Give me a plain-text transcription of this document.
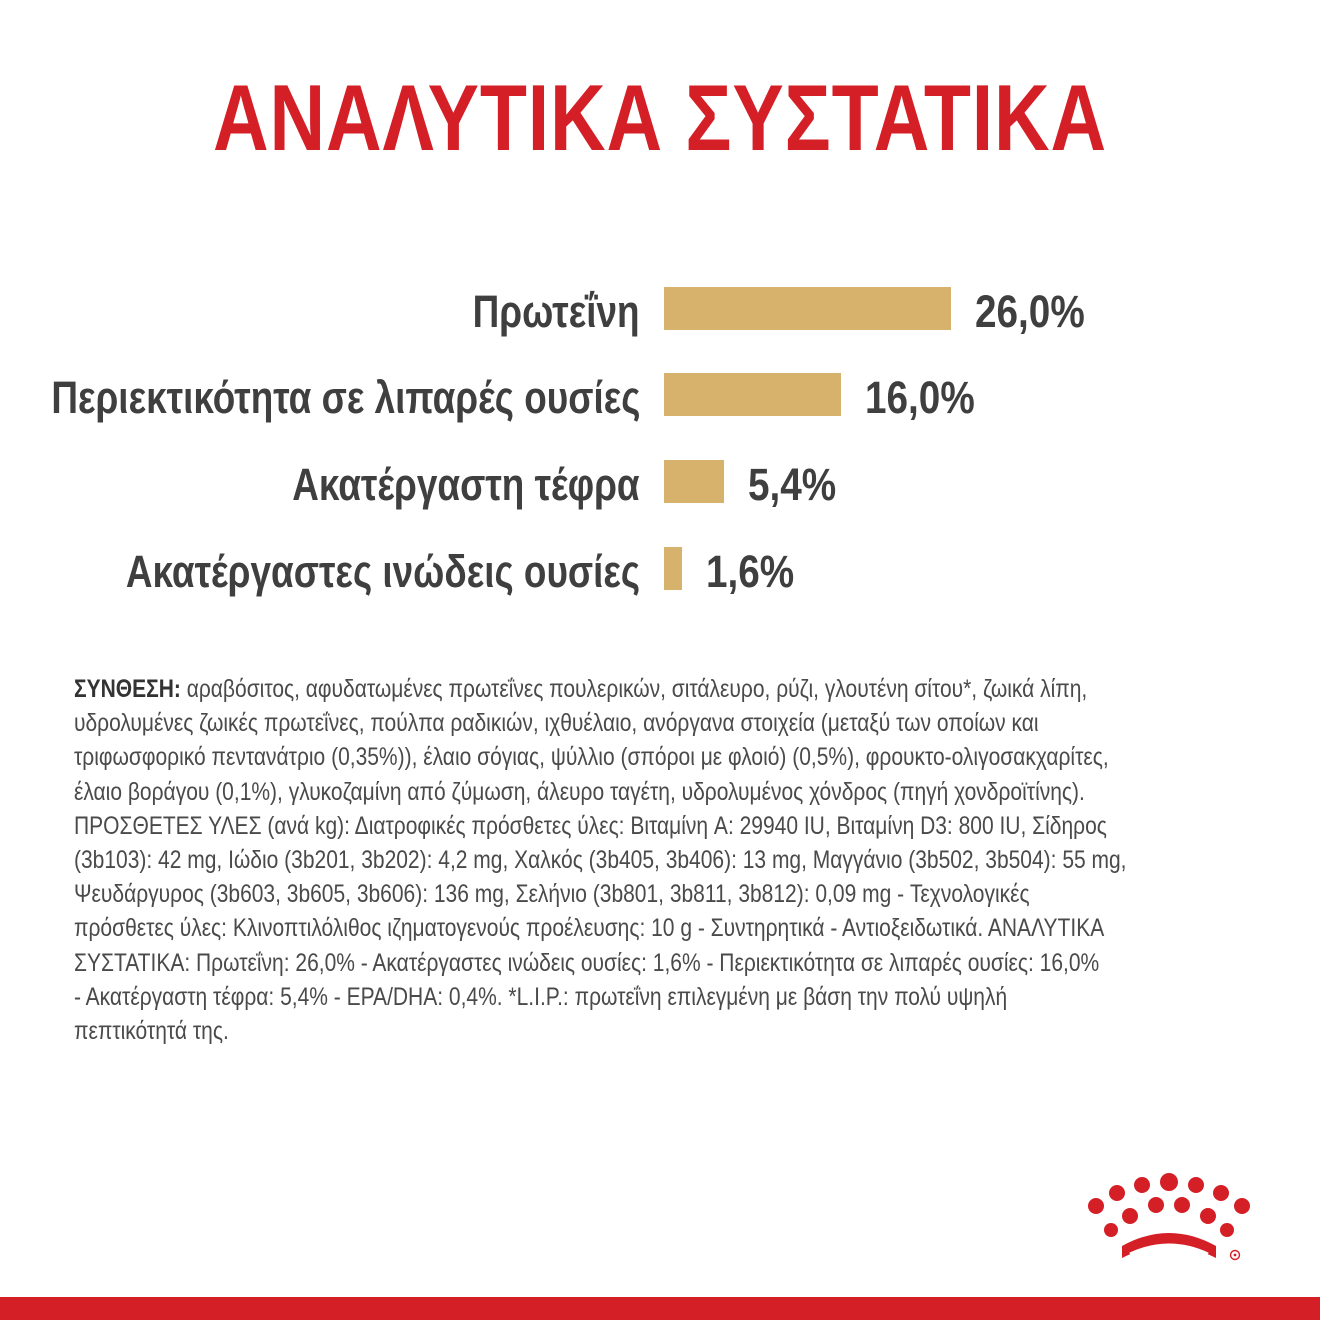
ΑΝΑΛΥΤΙΚΑ ΣΥΣΤΑΤΙΚΑ
Πρωτεΐνη	26,0%
Περιεκτικότητα σε λιπαρές ουσίες	16,0%
Ακατέργαστη τέφρα 5,4%
Ακατέργαστες ινώδεις ουσίες 1,6%
ΣΥΝΘΕΣΗ: αραβόσιτος, αφυδατωμένες πρωτεΐνες πουλερικών, σιτάλευρο, ρύζι, γλουτένη σίτου*, ζωικά λίπη,
υδρολυμένες ζωικές πρωτεΐνες, πούλπα ραδικιών, ιχθυέλαιο, ανόργανα στοιχεία (μεταξύ των οποίων και
τριφωσφορικό πεντανάτριο (0,35%)), έλαιο σόγιας, ψύλλιο (σπόροι με φλοιό) (0,5%), φρουκτο-ολιγοσακχαρίτες,
έλαιο βοράγου (0,1%), γλυκοζαμίνη από ζύμωση, άλευρο ταγέτη, υδρολυμένος χόνδρος (πηγή χονδροϊτίνης).
ΠΡΟΣΘΕΤΕΣ ΥΛΕΣ (ανά kg): Διατροφικές πρόσθετες ύλες: Βιταμίνη A: 29940 IU, Βιταμίνη D3: 800 IU, Σίδηρος
(3b103): 42 mg, Ιώδιο (3b201, 3b202): 4,2 mg, Χαλκός (3b405, 3b406): 13 mg, Μαγγάνιο (3b502, 3b504): 55 mg,
Ψευδάργυρος (3b603, 3b605, 3b606): 136 mg, Σελήνιο (3b801, 3b811, 3b812): 0,09 mg - Τεχνολογικές
πρόσθετες ύλες: Κλινοπτιλόλιθος ιζηματογενούς προέλευσης: 10 g - Συντηρητικά - Αντιοξειδωτικά. ΑΝΑΛΥΤΙΚΑ
ΣΥΣΤΑΤΙΚΑ: Πρωτεΐνη: 26,0% - Ακατέργαστες ινώδεις ουσίες: 1,6% - Περιεκτικότητα σε λιπαρές ουσίες: 16,0%
- Ακατέργαστη τέφρα: 5,4% - EPA/DHA: 0,4%. *L.I.P.: πρωτεΐνη επιλεγμένη με βάση την πολύ υψηλή
πεπτικότητά της.
